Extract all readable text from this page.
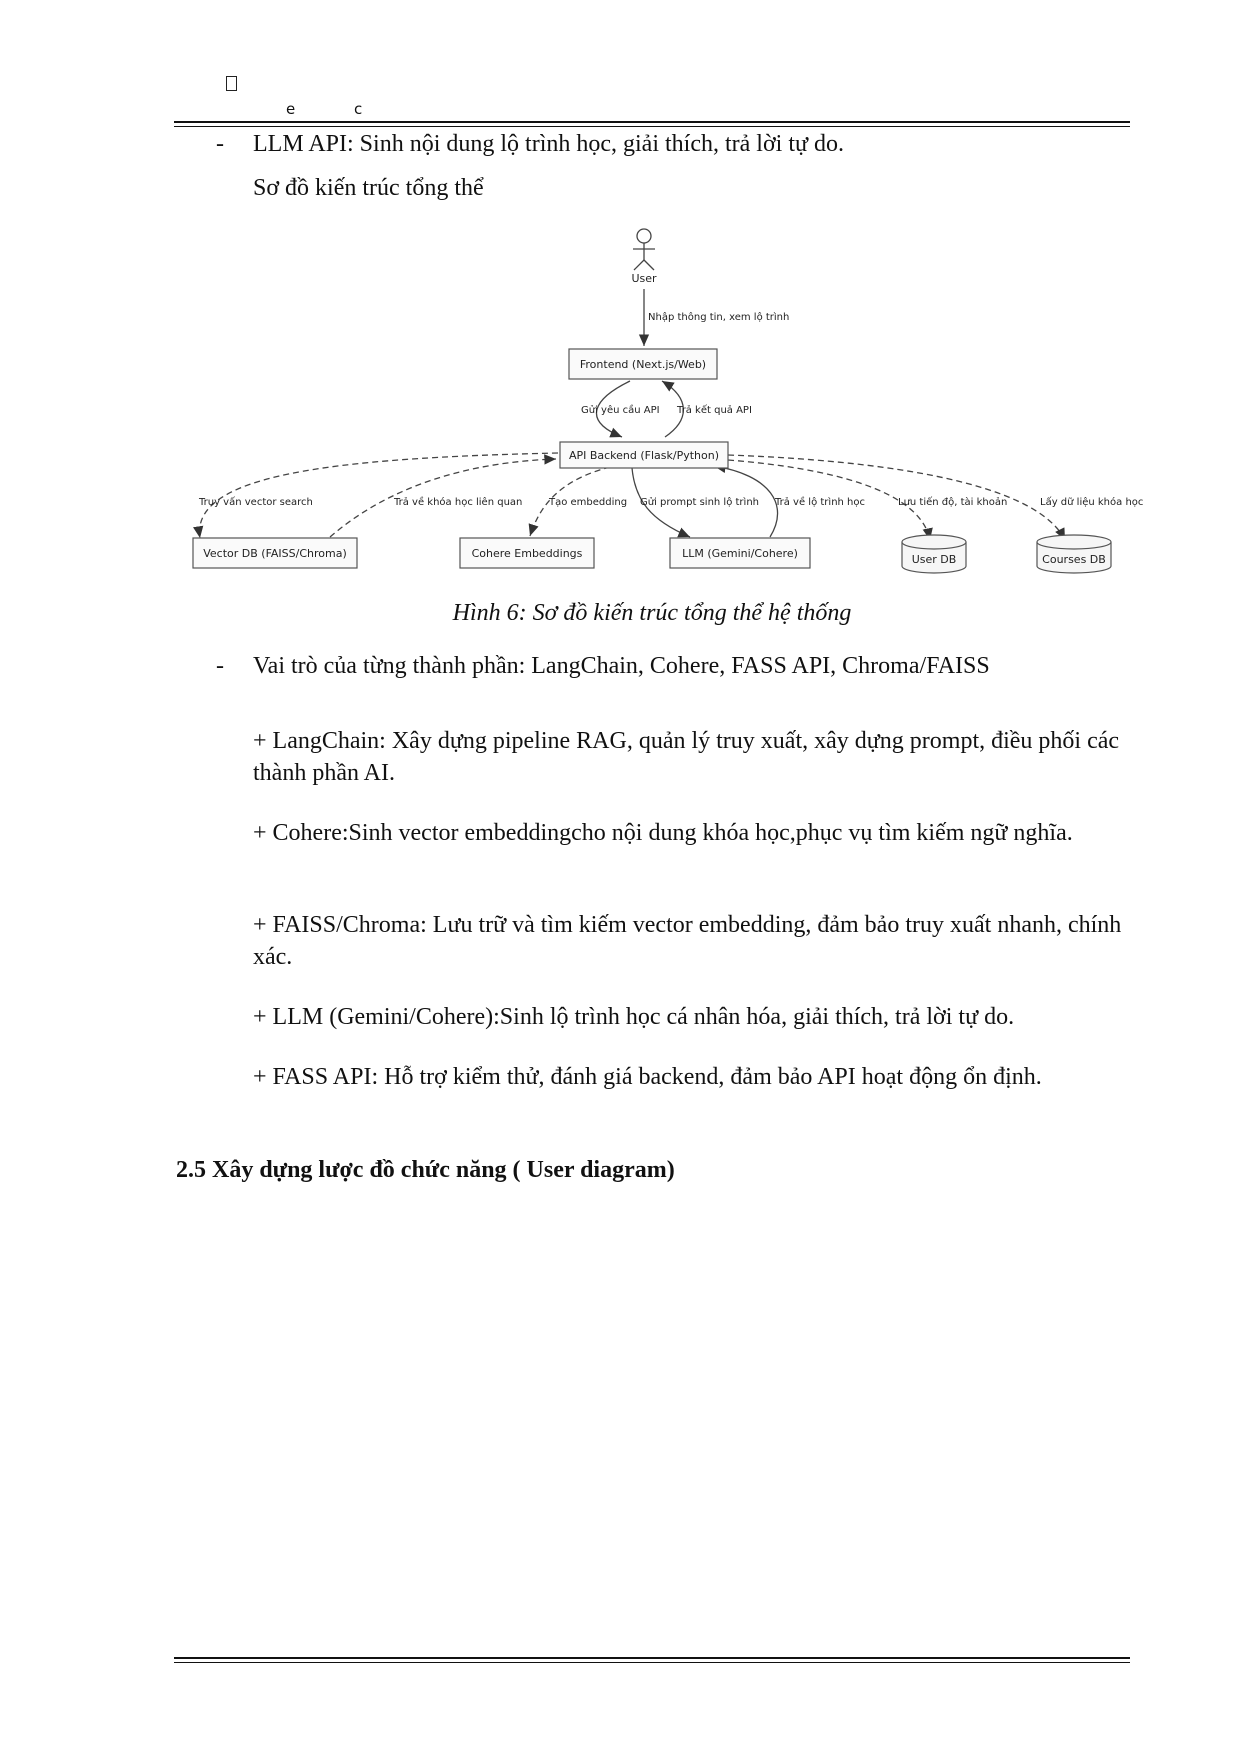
e	c
- LLM API: Sinh nội dung lộ trình học, giải thích, trả lời tự do.
Sơ đồ kiến trúc tổng thể
User
Frontend (Next.js/Web)
API Backend (Flask/Python)
Vector DB (FAISS/Chroma)	Cohere Embeddings	LLM (Gemini/Cohere)	User DB	Courses DB
Nhập thông tin, xem lộ trình
Gửi yêu cầu API Trả kết quả API
Truy vấn vector search	Trả về khóa học liên quan	Tạo embedding Gửi prompt sinh lộ trình Trả về lộ trình học	Lưu tiến độ, tài khoản	Lấy dữ liệu khóa học
Hình 6: Sơ đồ kiến trúc tổng thể hệ thống
- Vai trò của từng thành phần: LangChain, Cohere, FASS API, Chroma/FAISS
+ LangChain: Xây dựng pipeline RAG, quản lý truy xuất, xây dựng prompt, điều phối các thành phần AI.
+ Cohere:Sinh vector embeddingcho nội dung khóa học,phục vụ tìm kiếm ngữ nghĩa.
+ FAISS/Chroma: Lưu trữ và tìm kiếm vector embedding, đảm bảo truy xuất nhanh, chính xác.
+ LLM (Gemini/Cohere):Sinh lộ trình học cá nhân hóa, giải thích, trả lời tự do.
+ FASS API: Hỗ trợ kiểm thử, đánh giá backend, đảm bảo API hoạt động ổn định.
2.5 Xây dựng lược đồ chức năng ( User diagram)
